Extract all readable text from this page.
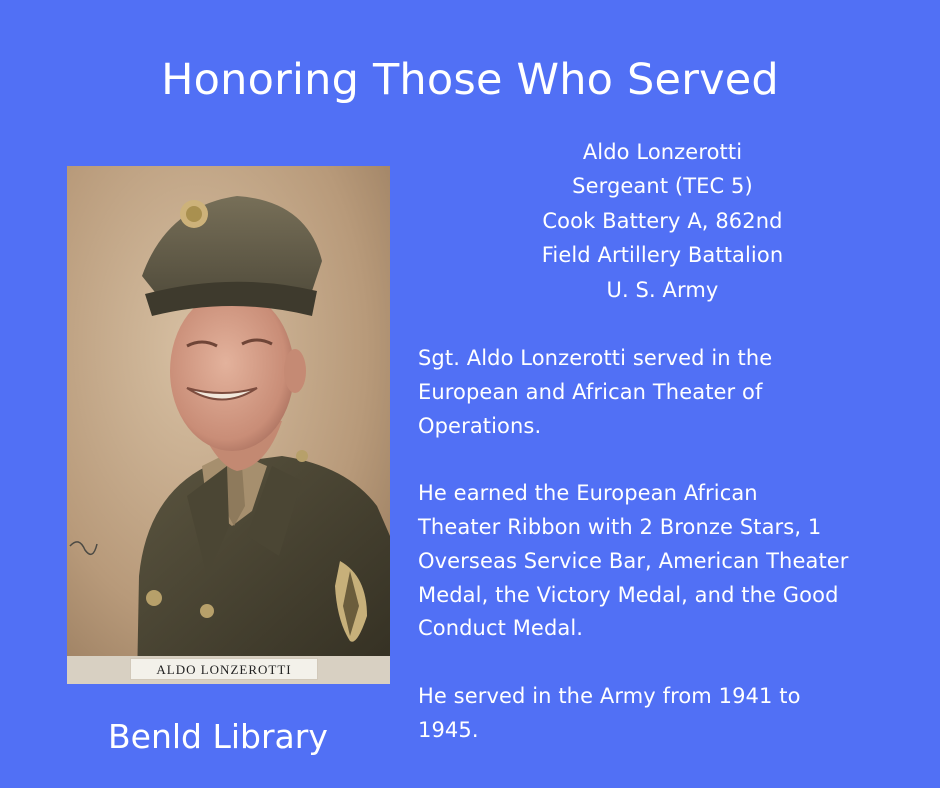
Honoring Those Who Served
ALDO LONZEROTTI
Benld Library
Aldo Lonzerotti
Sergeant (TEC 5)
Cook Battery A, 862nd
Field Artillery Battalion
U. S. Army

Sgt. Aldo Lonzerotti served in the
European and African Theater of
Operations.

He earned the European African
Theater Ribbon with 2 Bronze Stars, 1
Overseas Service Bar, American Theater
Medal, the Victory Medal, and the Good
Conduct Medal.

He served in the Army from 1941 to
1945.
